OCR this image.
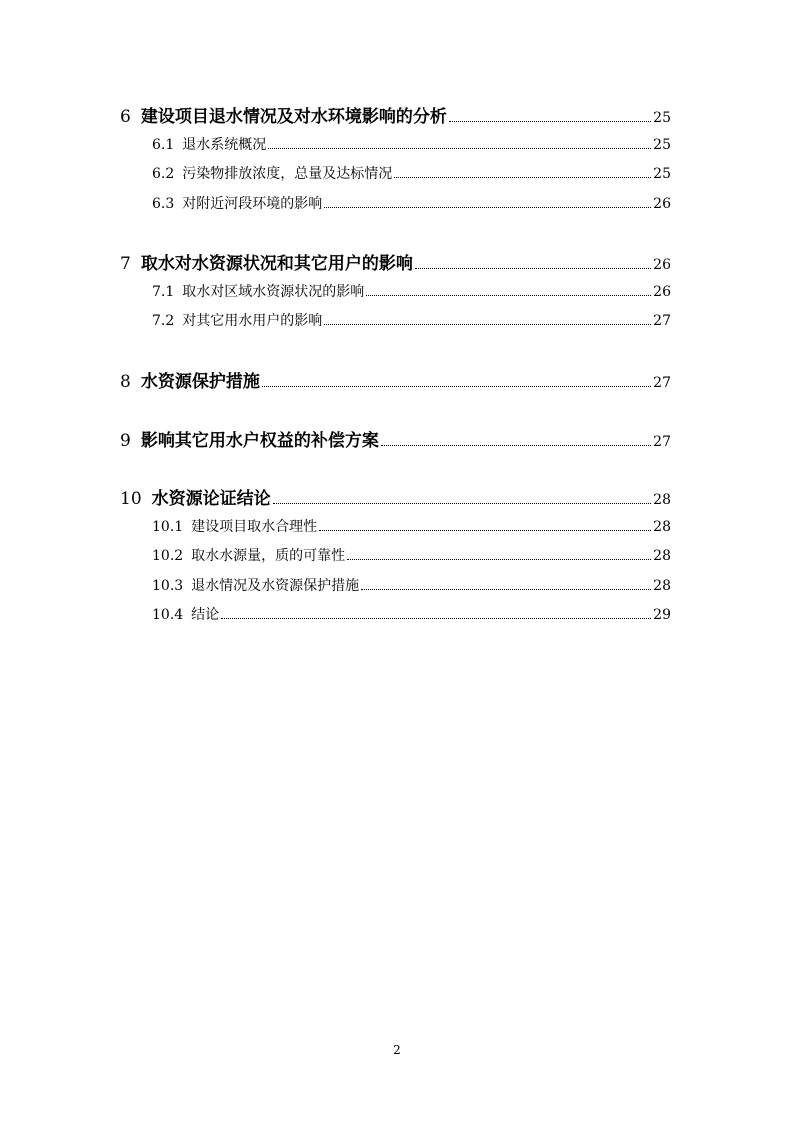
6 建设项目退水情况及对水环境影响的分析	25
6.1 退水系统概况	25
6.2 污染物排放浓度，总量及达标情况	25
6.3 对附近河段环境的影响	26
7 取水对水资源状况和其它用户的影响	26
7.1 取水对区域水资源状况的影响	26
7.2 对其它用水用户的影响	27
8 水资源保护措施	27
9 影响其它用水户权益的补偿方案	27
10 水资源论证结论	28
10.1 建设项目取水合理性	28
10.2 取水水源量，质的可靠性	28
10.3 退水情况及水资源保护措施	28
10.4 结论	29
2
